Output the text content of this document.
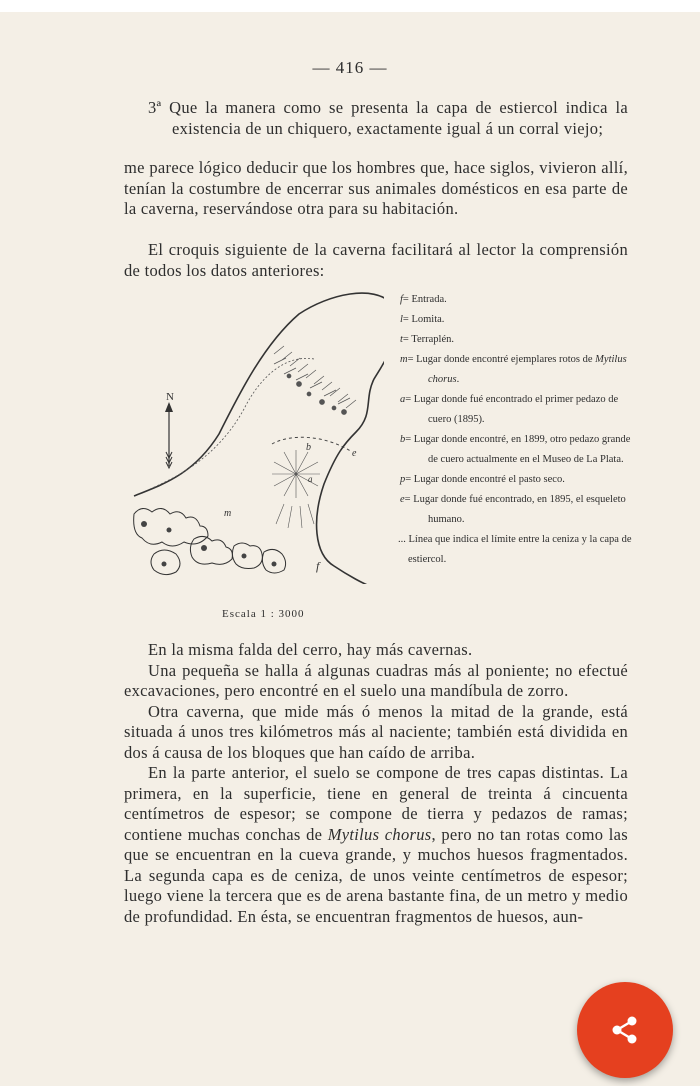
— 416 —
3ª Que la manera como se presenta la capa de estiercol indica la existencia de un chiquero, exactamente igual á un corral viejo;
me parece lógico deducir que los hombres que, hace siglos, vivieron allí, tenían la costumbre de encerrar sus animales domésticos en esa parte de la caverna, reservándose otra para su habitación.
El croquis siguiente de la caverna facilitará al lector la comprensión de todos los datos anteriores:
N
m
b
e
a
f
Escala 1 : 3000
f= Entrada.
l= Lomita.
t= Terraplén.
m= Lugar donde encontré ejemplares rotos de Mytilus chorus.
a= Lugar donde fué encontrado el primer pedazo de cuero (1895).
b= Lugar donde encontré, en 1899, otro pedazo grande de cuero actualmente en el Museo de La Plata.
p= Lugar donde encontré el pasto seco.
e= Lugar donde fué encontrado, en 1895, el esqueleto humano.
... Línea que indica el límite entre la ceniza y la capa de estiercol.

En la misma falda del cerro, hay más cavernas.

Una pequeña se halla á algunas cuadras más al poniente; no efectué excavaciones, pero encontré en el suelo una mandíbula de zorro.

Otra caverna, que mide más ó menos la mitad de la grande, está situada á unos tres kilómetros más al naciente; también está dividida en dos á causa de los bloques que han caído de arriba.

En la parte anterior, el suelo se compone de tres capas distintas. La primera, en la superficie, tiene en general de treinta á cincuenta centímetros de espesor; se compone de tierra y pedazos de ramas; contiene muchas conchas de Mytilus chorus, pero no tan rotas como las que se encuentran en la cueva grande, y muchos huesos fragmentados. La segunda capa es de ceniza, de unos veinte centímetros de espesor; luego viene la tercera que es de arena bastante fina, de un metro y medio de profundidad. En ésta, se encuentran fragmentos de huesos, aun-
